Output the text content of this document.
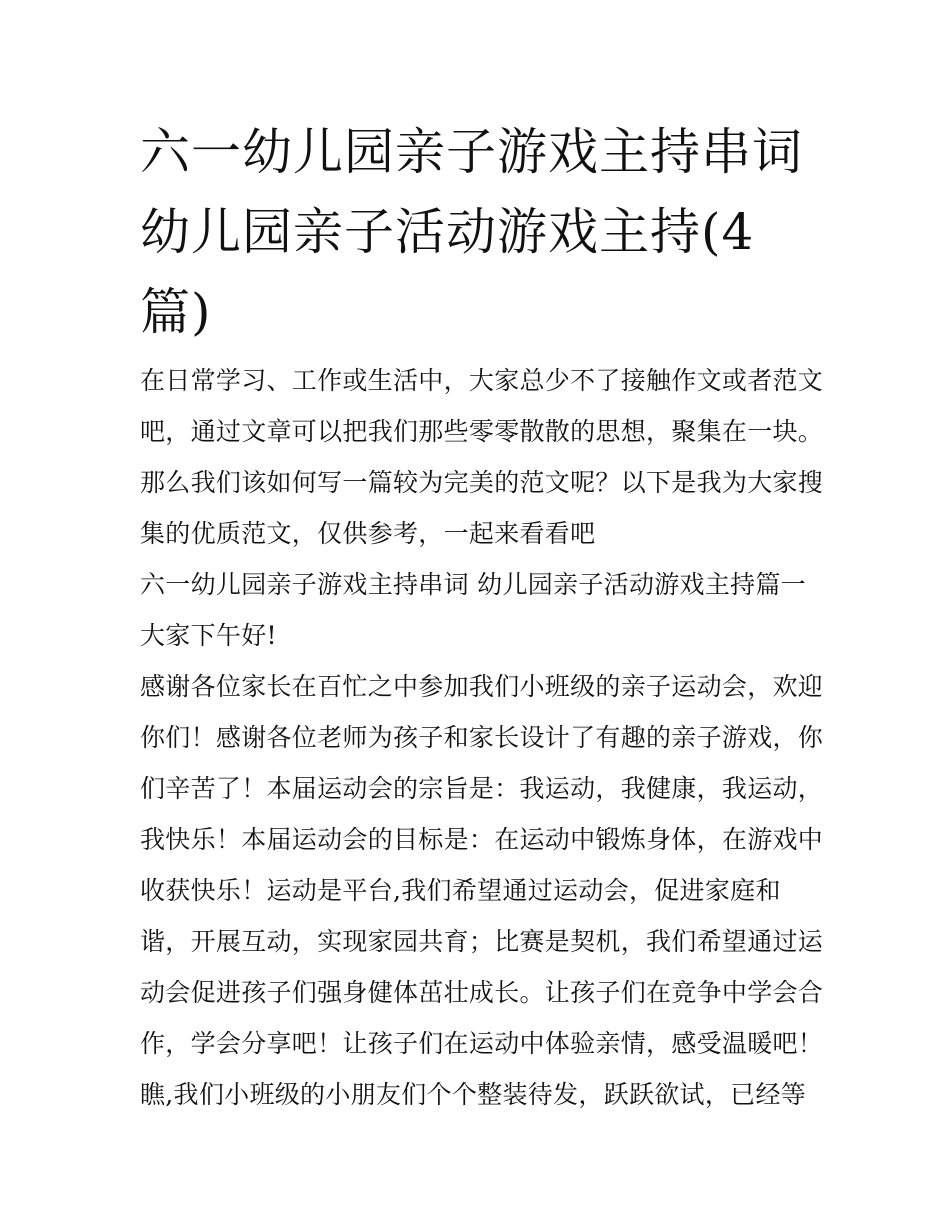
六一幼儿园亲子游戏主持串词
幼儿园亲子活动游戏主持(4
篇)
在日常学习、工作或生活中，大家总少不了接触作文或者范文
吧，通过文章可以把我们那些零零散散的思想，聚集在一块。
那么我们该如何写一篇较为完美的范文呢？以下是我为大家搜
集的优质范文，仅供参考，一起来看看吧
六一幼儿园亲子游戏主持串词 幼儿园亲子活动游戏主持篇一
大家下午好!
感谢各位家长在百忙之中参加我们小班级的亲子运动会，欢迎
你们！感谢各位老师为孩子和家长设计了有趣的亲子游戏，你
们辛苦了！本届运动会的宗旨是：我运动，我健康，我运动，
我快乐！本届运动会的目标是：在运动中锻炼身体，在游戏中
收获快乐！运动是平台,我们希望通过运动会，促进家庭和
谐，开展互动，实现家园共育；比赛是契机，我们希望通过运
动会促进孩子们强身健体茁壮成长。让孩子们在竞争中学会合
作，学会分享吧！让孩子们在运动中体验亲情，感受温暖吧！
瞧,我们小班级的小朋友们个个整装待发，跃跃欲试，已经等
